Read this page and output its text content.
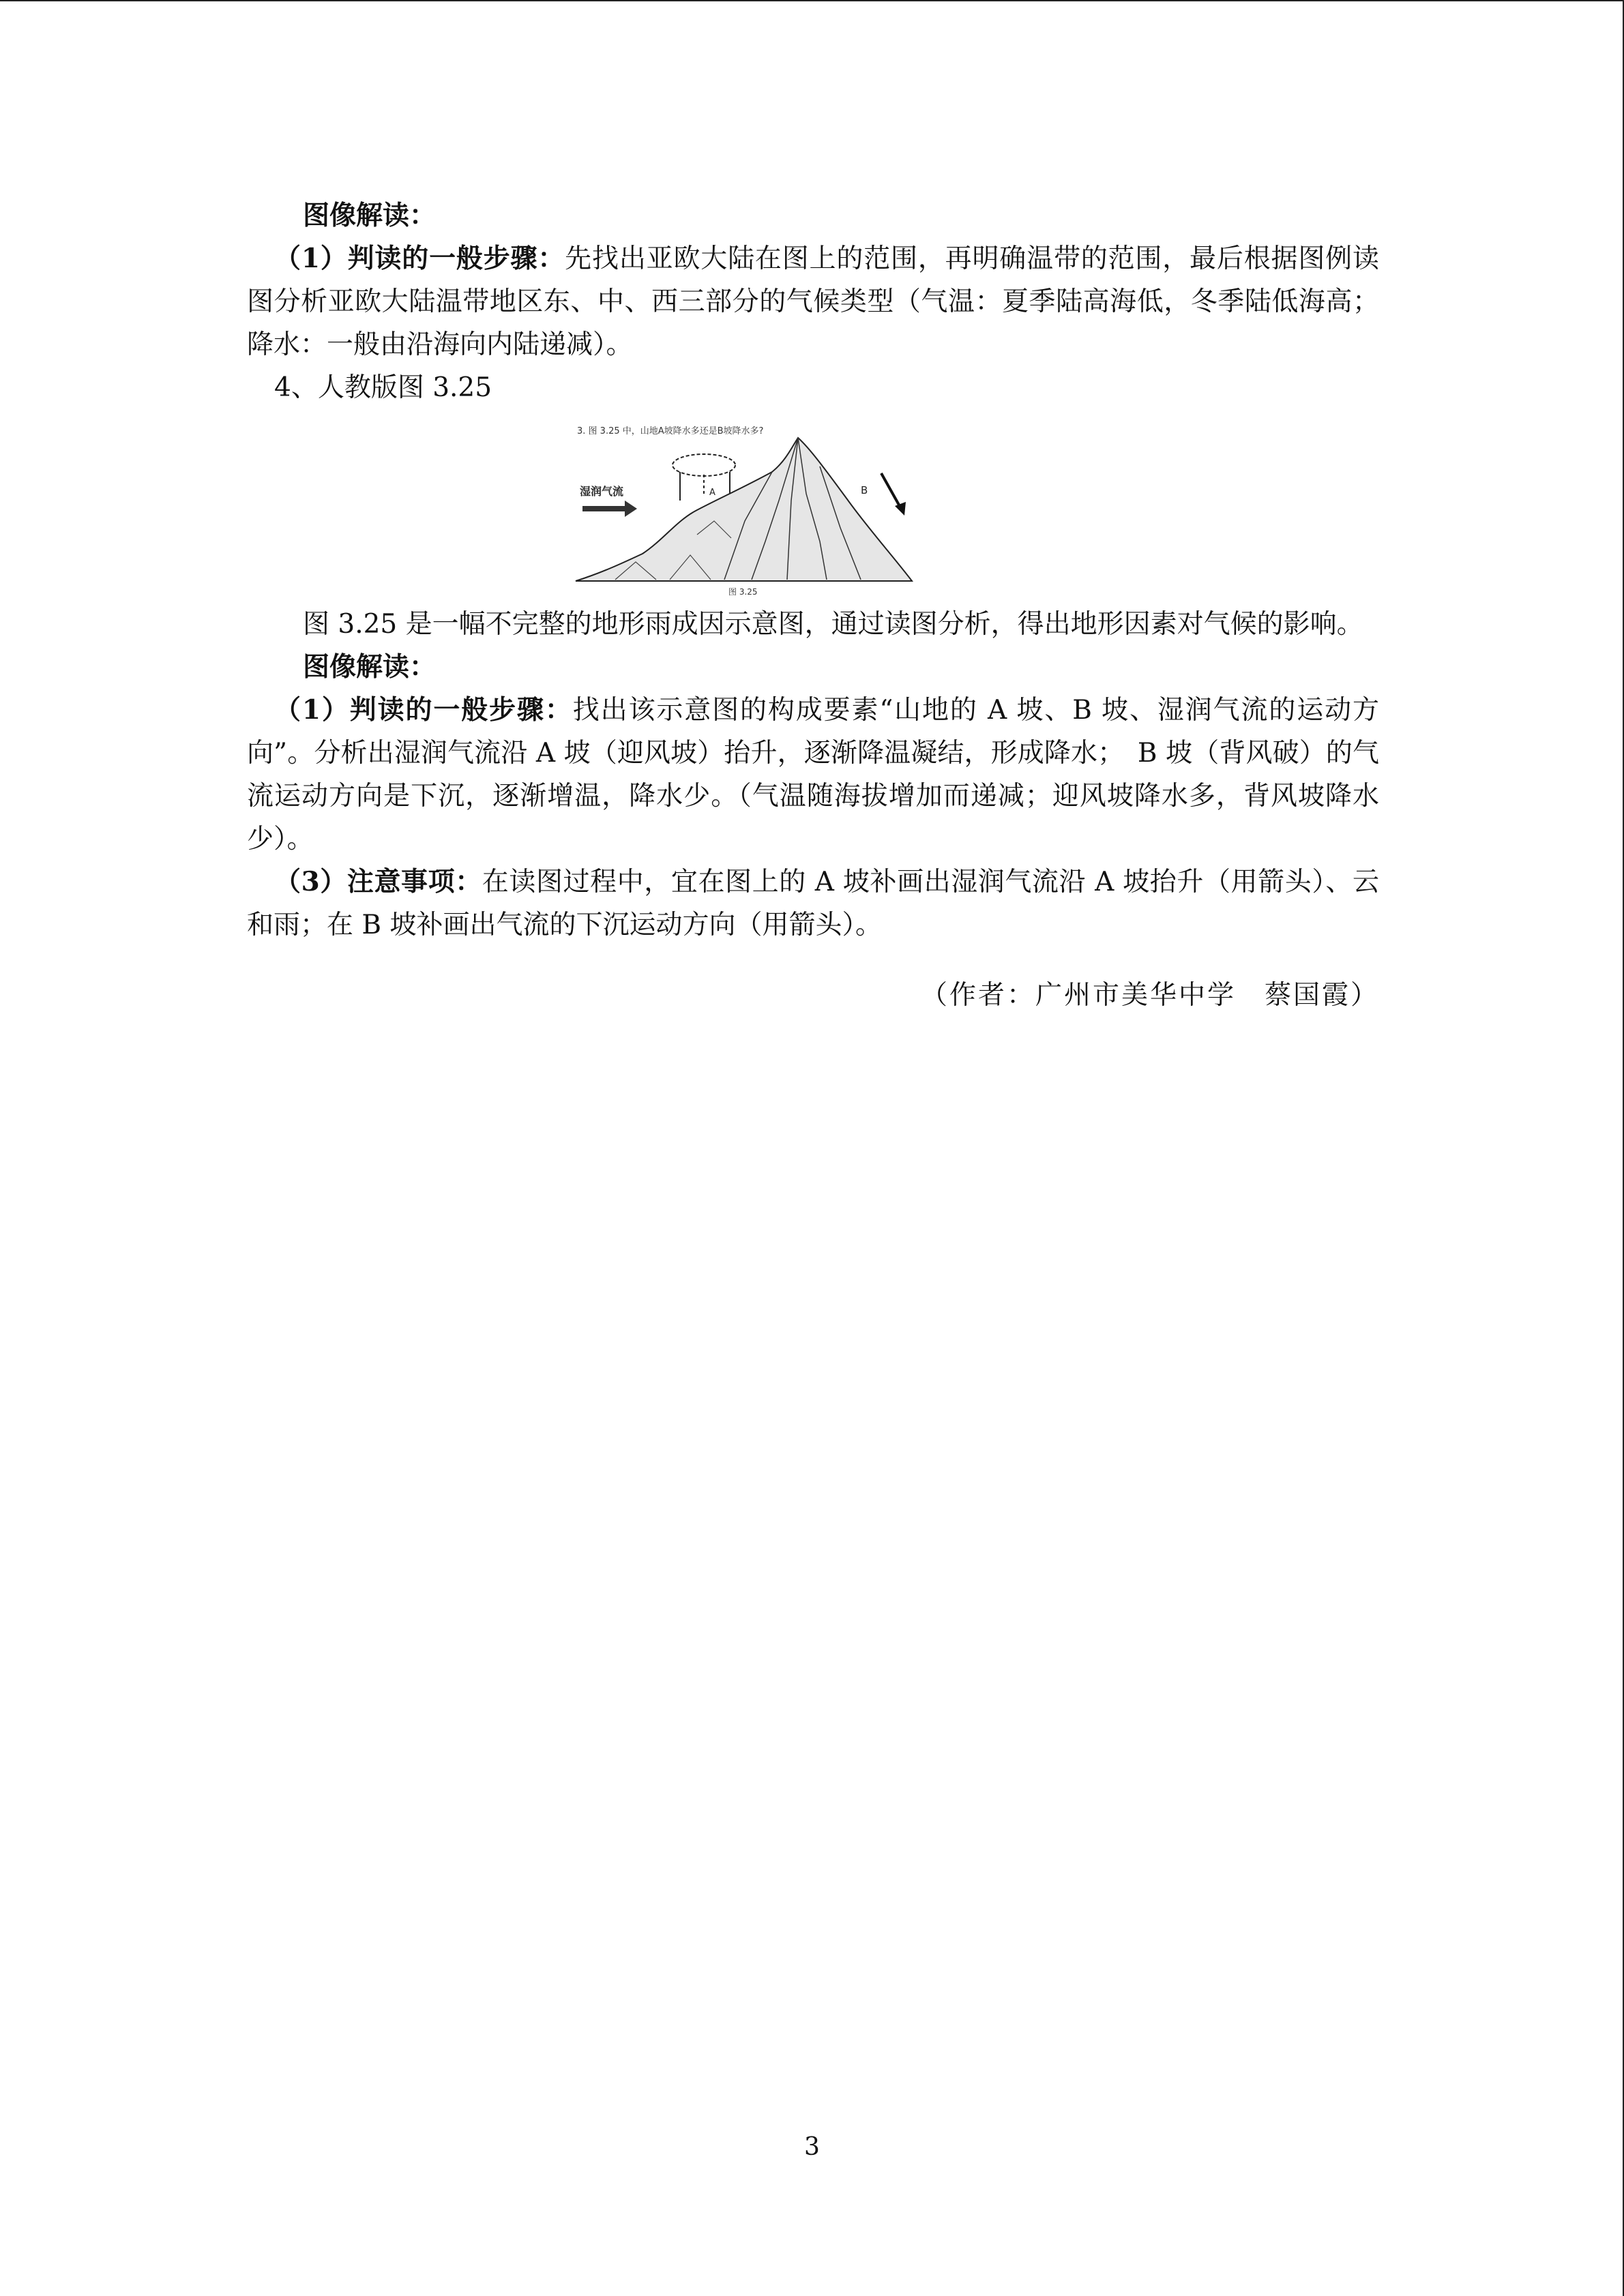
图像解读：

（1）判读的一般步骤：先找出亚欧大陆在图上的范围，再明确温带的范围，最后根据图例读图分析亚欧大陆温带地区东、中、西三部分的气候类型（气温：夏季陆高海低，冬季陆低海高；降水：一般由沿海向内陆递减）。

4、人教版图 3.25
3. 图 3.25 中，山地A坡降水多还是B坡降水多?
A
湿润气流	B
图 3.25

图 3.25 是一幅不完整的地形雨成因示意图，通过读图分析，得出地形因素对气候的影响。

图像解读：

（1）判读的一般步骤：找出该示意图的构成要素“山地的 A 坡、B 坡、湿润气流的运动方向”。分析出湿润气流沿 A 坡（迎风坡）抬升，逐渐降温凝结，形成降水；　B 坡（背风破）的气流运动方向是下沉，逐渐增温，降水少。（气温随海拔增加而递减；迎风坡降水多，背风坡降水少）。

（3）注意事项：在读图过程中，宜在图上的 A 坡补画出湿润气流沿 A 坡抬升（用箭头）、云和雨；在 B 坡补画出气流的下沉运动方向（用箭头）。

（作者：广州市美华中学　蔡国霞）
3
